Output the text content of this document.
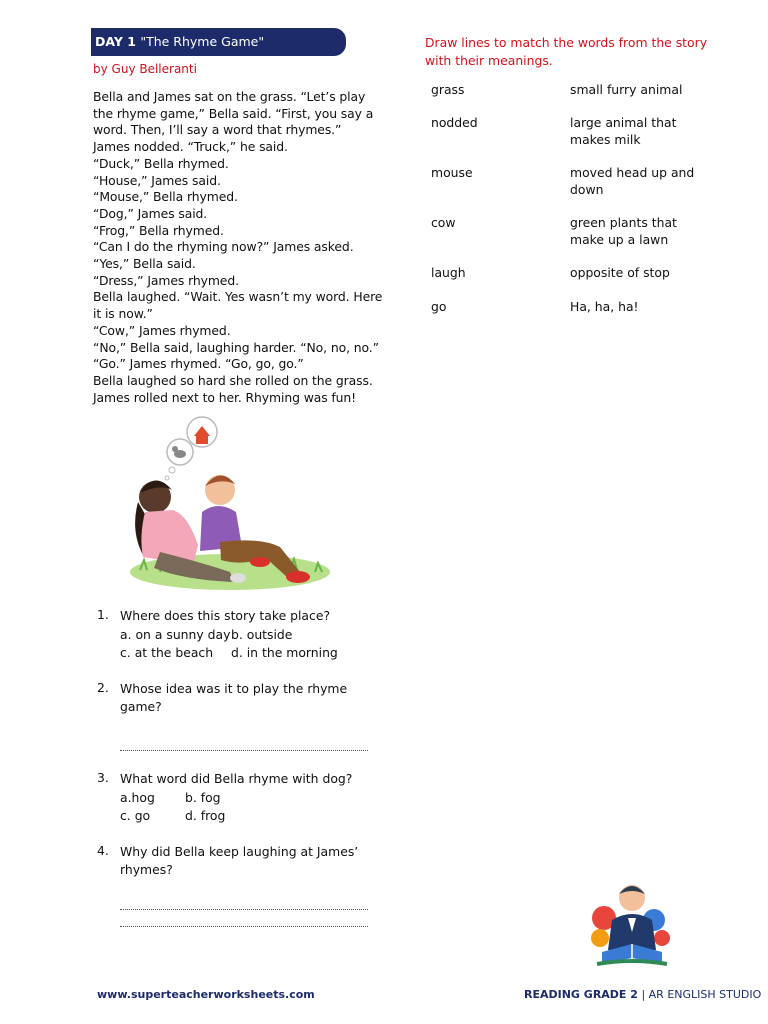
DAY 1 "The Rhyme Game"
by Guy Belleranti
Bella and James sat on the grass. “Let’s play
the rhyme game,” Bella said. “First, you say a
word. Then, I’ll say a word that rhymes.”
James nodded. “Truck,” he said.
“Duck,” Bella rhymed.
“House,” James said.
“Mouse,” Bella rhymed.
“Dog,” James said.
“Frog,” Bella rhymed.
“Can I do the rhyming now?” James asked.
“Yes,” Bella said.
“Dress,” James rhymed.
Bella laughed. “Wait. Yes wasn’t my word. Here
it is now.”
“Cow,” James rhymed.
“No,” Bella said, laughing harder. “No, no, no.”
“Go.” James rhymed. “Go, go, go.”
Bella laughed so hard she rolled on the grass.
James rolled next to her. Rhyming was fun!
1. Where does this story take place?
a. on a sunny day b. outside
c. at the beach d. in the morning
2. Whose idea was it to play the rhyme
game?
3. What word did Bella rhyme with dog?
a.hog b. fog
c. go	d. frog
4. Why did Bella keep laughing at James’
rhymes?
Draw lines to match the words from the story
with their meanings.
grass
nodded
mouse
cow
laugh
go
small furry animal
large animal that
makes milk
moved head up and
down
green plants that
make up a lawn
opposite of stop
Ha, ha, ha!
www.superteacherworksheets.com	READING GRADE 2 | AR ENGLISH STUDIO
